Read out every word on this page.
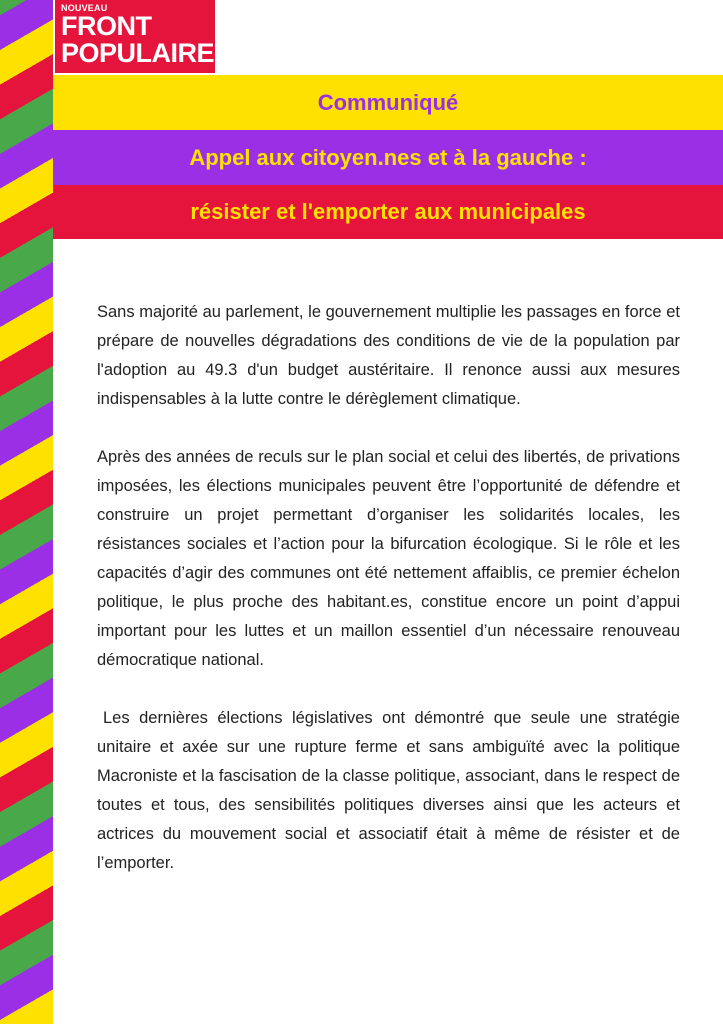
NOUVEAU
FRONT
POPULAIRE
Communiqué
Appel aux citoyen.nes et à la gauche :
résister et l'emporter aux municipales

Sans majorité au parlement, le gouvernement multiplie les passages en force et prépare de nouvelles dégradations des conditions de vie de la population par l'adoption au 49.3 d'un budget austéritaire. Il renonce aussi aux mesures indispensables à la lutte contre le dérèglement climatique.

Après des années de reculs sur le plan social et celui des libertés, de privations imposées, les élections municipales peuvent être l’opportunité de défendre et construire un projet permettant d’organiser les solidarités locales, les résistances sociales et l’action pour la bifurcation écologique. Si le rôle et les capacités d’agir des communes ont été nettement affaiblis, ce premier échelon politique, le plus proche des habitant.es, constitue encore un point d’appui important pour les luttes et un maillon essentiel d’un nécessaire renouveau démocratique national.

Les dernières élections législatives ont démontré que seule une stratégie unitaire et axée sur une rupture ferme et sans ambiguïté avec la politique Macroniste et la fascisation de la classe politique, associant, dans le respect de toutes et tous, des sensibilités politiques diverses ainsi que les acteurs et actrices du mouvement social et associatif était à même de résister et de l’emporter.
